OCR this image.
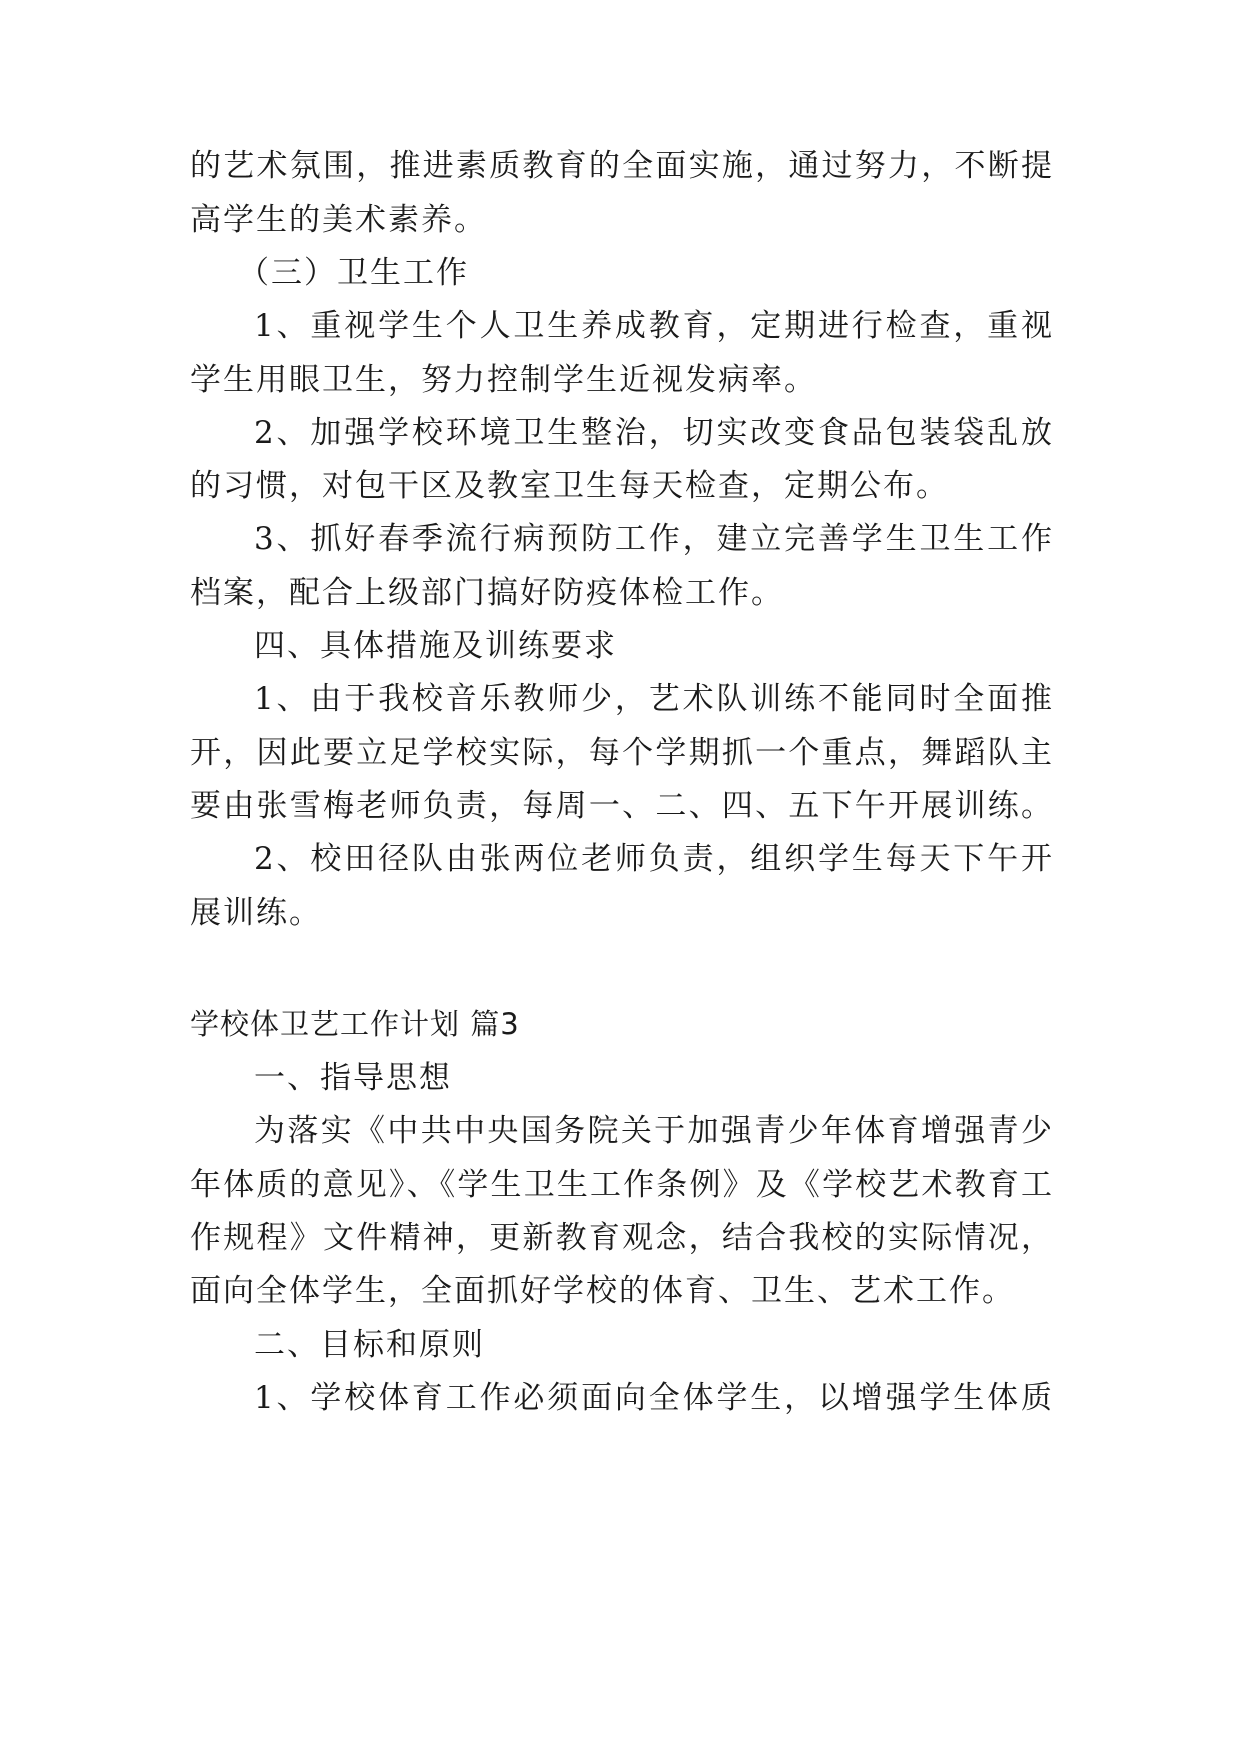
的艺术氛围，推进素质教育的全面实施，通过努力，不断提
高学生的美术素养。
（三）卫生工作
1、重视学生个人卫生养成教育，定期进行检查，重视
学生用眼卫生，努力控制学生近视发病率。
2、加强学校环境卫生整治，切实改变食品包装袋乱放
的习惯，对包干区及教室卫生每天检查，定期公布。
3、抓好春季流行病预防工作，建立完善学生卫生工作
档案，配合上级部门搞好防疫体检工作。
四、具体措施及训练要求
1、由于我校音乐教师少，艺术队训练不能同时全面推
开，因此要立足学校实际，每个学期抓一个重点，舞蹈队主
要由张雪梅老师负责，每周一、二、四、五下午开展训练。
2、校田径队由张两位老师负责，组织学生每天下午开
展训练。
学校体卫艺工作计划 篇3
一、指导思想
为落实《中共中央国务院关于加强青少年体育增强青少
年体质的意见》、《学生卫生工作条例》及《学校艺术教育工
作规程》文件精神，更新教育观念，结合我校的实际情况，
面向全体学生，全面抓好学校的体育、卫生、艺术工作。
二、目标和原则
1、学校体育工作必须面向全体学生，以增强学生体质
